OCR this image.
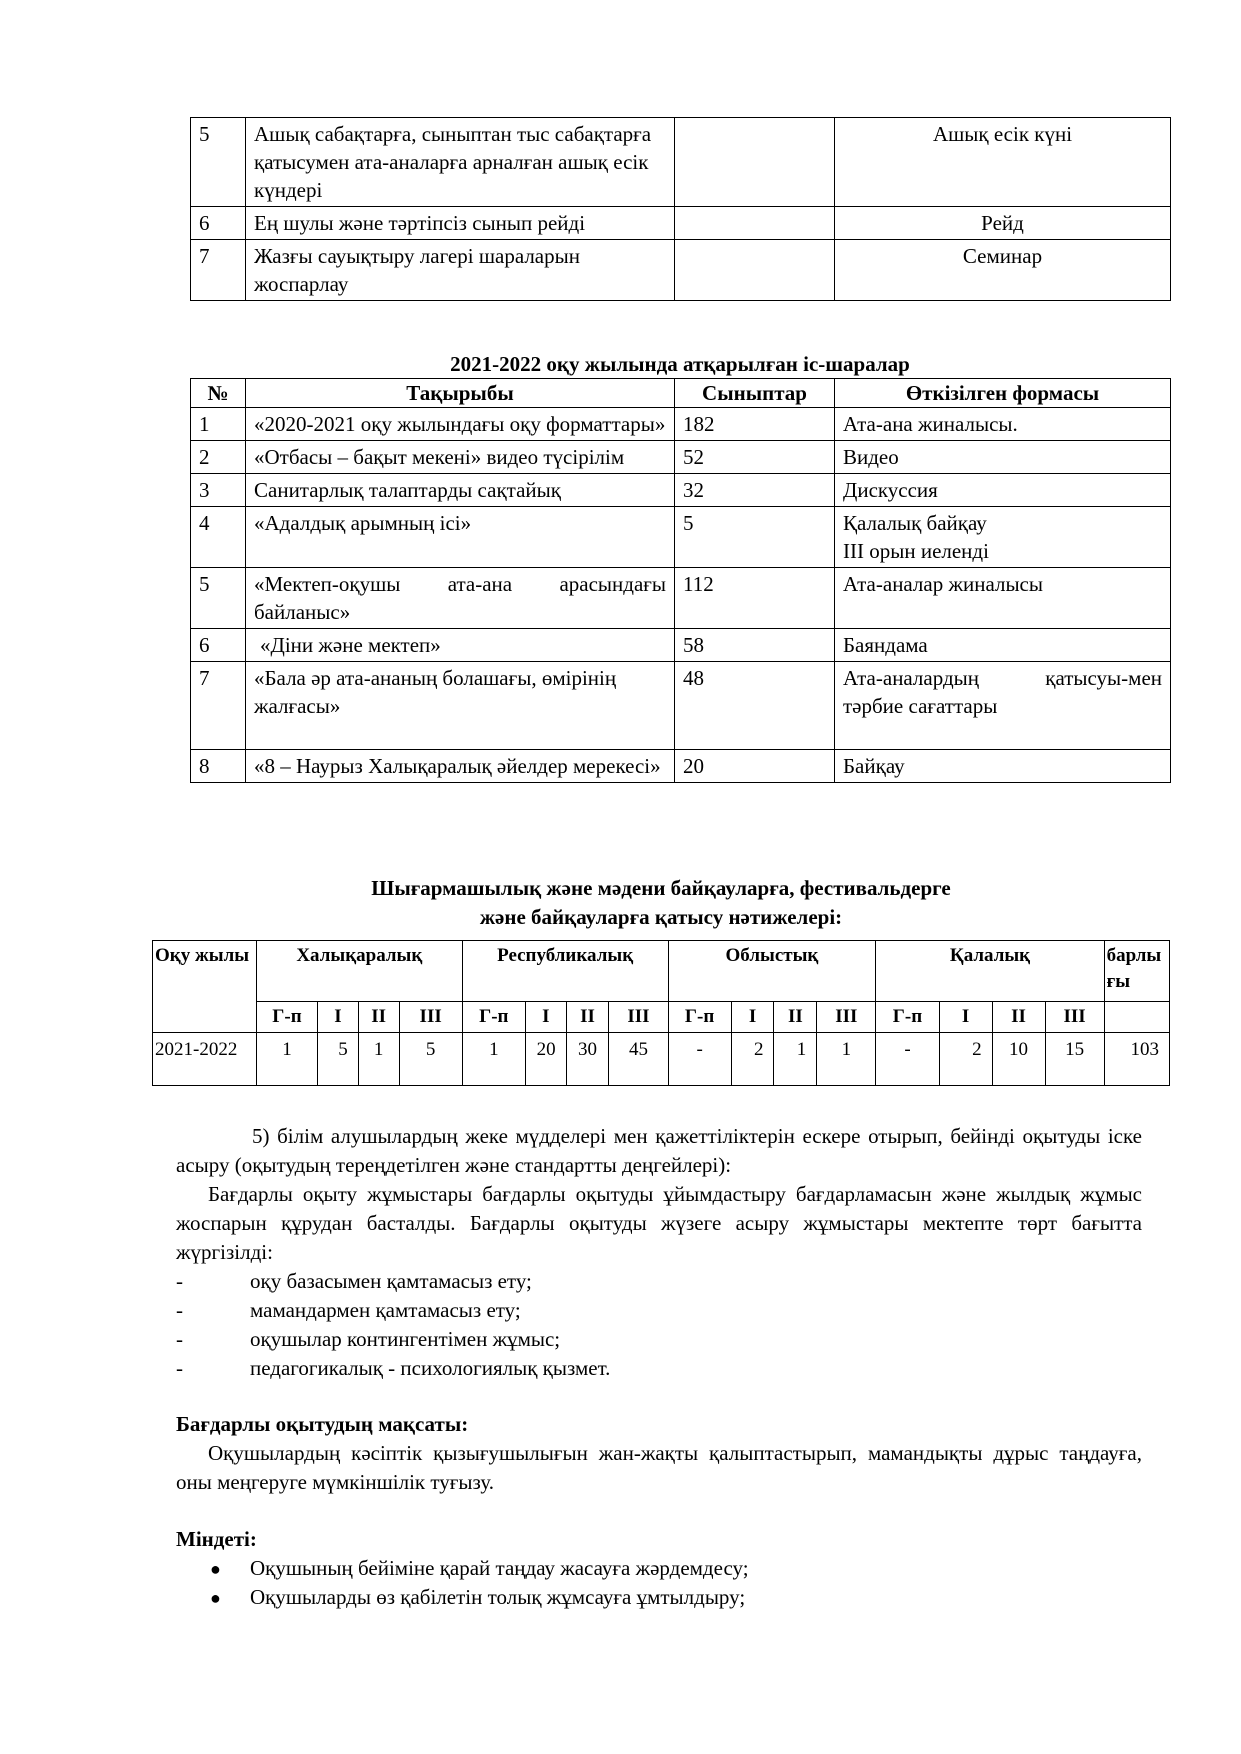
5	Ашық сабақтарға, сыныптан тыс сабақтарға қатысумен ата-аналарға арналған ашық есік күндері		Ашық есік күні
6	Ең шулы және тәртіпсіз сынып рейді		Рейд
7	Жазғы сауықтыру лагері шараларын жоспарлау		Семинар
2021-2022 оқу жылында атқарылған іс-шаралар
№	Тақырыбы	Сыныптар	Өткізілген формасы
1	«2020-2021 оқу жылындағы оқу форматтары»	182	Ата-ана жиналысы.
2	«Отбасы – бақыт мекені» видео түсірілім	52	Видео
3	Санитарлық талаптарды сақтайық	32	Дискуссия
4	«Адалдық арымның ісі»	5	Қалалық байқау
ІІІ орын иеленді

5	«Мектеп-оқушы ата-ана арасындағы байланыс»	112	Ата-аналар жиналысы
6	«Діни және мектеп»	58	Баяндама
7	«Бала әр ата-ананың болашағы, өмірінің жалғасы»	48	Ата-аналардың қатысуы-мен тәрбие сағаттары
8	«8 – Наурыз Халықаралық әйелдер мерекесі»	20	Байқау
Шығармашылық және мәдени байқауларға, фестивальдерге
және байқауларға қатысу нәтижелері:
Оқу жылы	Халықаралық				Республикалық				Облыстық				Қалалық				барлығы
	Г-п	І	ІІ	ІІІ	Г-п	І	ІІ	ІІІ	Г-п	І	ІІ	ІІІ	Г-п	І	ІІ	ІІІ	
2021-2022	1	5	1	5	1	20	30	45	-	2	1	1	-	2	10	15	103
5) білім алушылардың жеке мүдделері мен қажеттіліктерін ескере отырып, бейінді оқытуды іске асыру (оқытудың тереңдетілген және стандартты деңгейлері):
Бағдарлы оқыту жұмыстары бағдарлы оқытуды ұйымдастыру бағдарламасын және жылдық жұмыс жоспарын құрудан басталды. Бағдарлы оқытуды жүзеге асыру жұмыстары мектепте төрт бағытта жүргізілді:
-	оқу базасымен қамтамасыз ету;
-	мамандармен қамтамасыз ету;
-	оқушылар контингентімен жұмыс;
-	педагогикалық - психологиялық қызмет.
Бағдарлы оқытудың мақсаты:
Оқушылардың кәсіптік қызығушылығын жан-жақты қалыптастырып, мамандықты дұрыс таңдауға, оны меңгеруге мүмкіншілік туғызу.
Міндеті:
● Оқушының бейіміне қарай таңдау жасауға жәрдемдесу;
● Оқушыларды өз қабілетін толық жұмсауға ұмтылдыру;
